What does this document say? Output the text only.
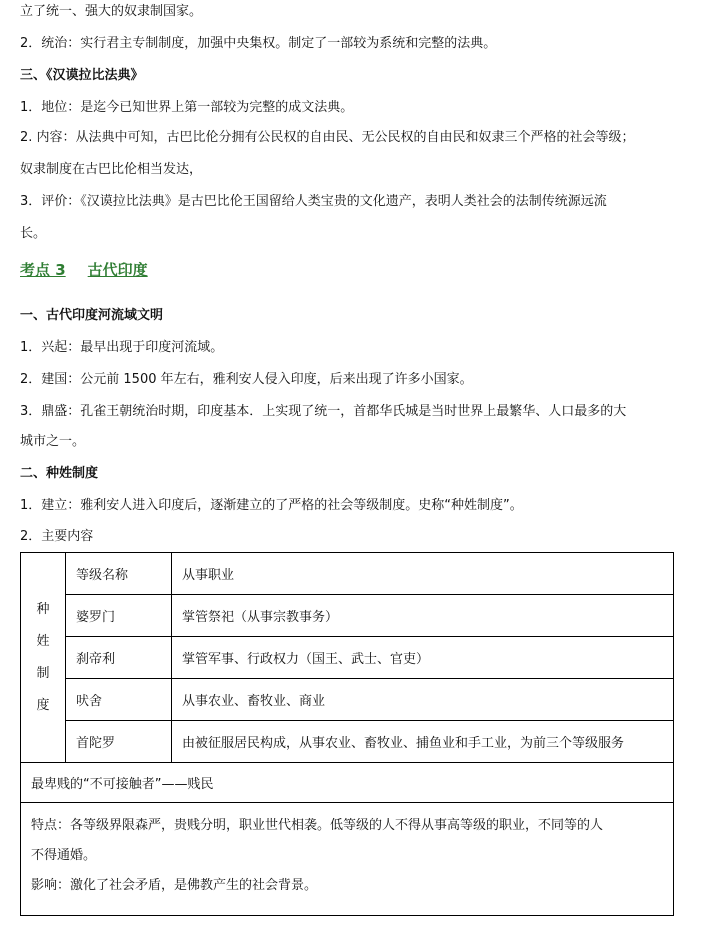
立了统一、强大的奴隶制国家。
2．统治：实行君主专制制度，加强中央集权。制定了一部较为系统和完整的法典。
三、《汉谟拉比法典》
1．地位：是迄今已知世界上第一部较为完整的成文法典。
2. 内容：从法典中可知，古巴比伦分拥有公民权的自由民、无公民权的自由民和奴隶三个严格的社会等级；
奴隶制度在古巴比伦相当发达，
3．评价：《汉谟拉比法典》是古巴比伦王国留给人类宝贵的文化遗产，表明人类社会的法制传统源远流
长。
考点 3 古代印度
一、古代印度河流域文明
1．兴起：最早出现于印度河流域。
2．建国：公元前 1500 年左右，雅利安人侵入印度，后来出现了许多小国家。
3．鼎盛：孔雀王朝统治时期，印度基本．上实现了统一，首都华氏城是当时世界上最繁华、人口最多的大
城市之一。
二、种姓制度
1．建立：雅利安人进入印度后，逐渐建立的了严格的社会等级制度。史称“种姓制度”。
2．主要内容
种
姓
制
度	等级名称	从事职业
	婆罗门	掌管祭祀（从事宗教事务）
	刹帝利	掌管军事、行政权力（国王、武士、官吏）
	吠舍	从事农业、畜牧业、商业
	首陀罗	由被征服居民构成，从事农业、畜牧业、捕鱼业和手工业，为前三个等级服务
最卑贱的“不可接触者”——贱民		

特点：各等级界限森严，贵贱分明，职业世代相袭。低等级的人不得从事高等级的职业，不同等的人
不得通婚。
影响：激化了社会矛盾，是佛教产生的社会背景。		
